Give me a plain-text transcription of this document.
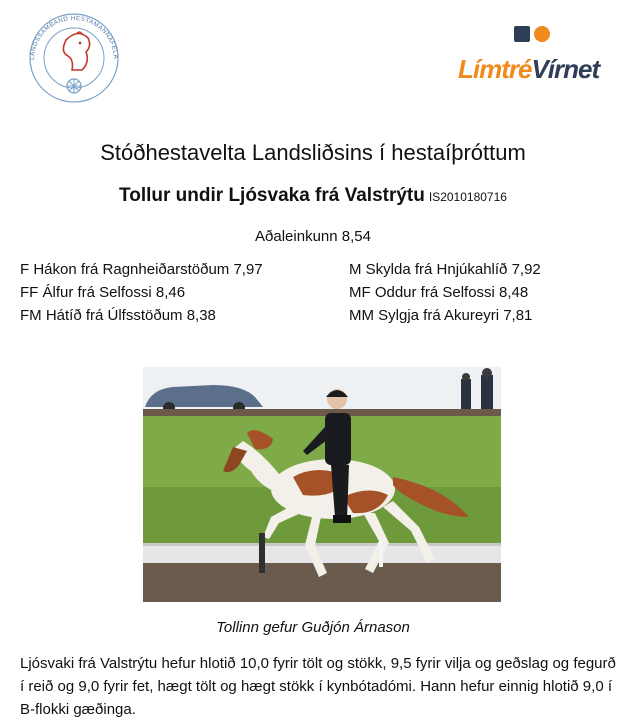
LANDSSAMBAND HESTAMANNAFÉLA	LímtréVírnet
Stóðhestavelta Landsliðsins í hestaíþróttum
Tollur undir Ljósvaka frá Valstrýtu IS2010180716
Aðaleinkunn 8,54
F Hákon frá Ragnheiðarstöðum 7,97
FF Álfur frá Selfossi 8,46
FM Hátíð frá Úlfsstöðum 8,38
M Skylda frá Hnjúkahlíð 7,92
MF Oddur frá Selfossi 8,48
MM Sylgja frá Akureyri 7,81
Tollinn gefur Guðjón Árnason
Ljósvaki frá Valstrýtu hefur hlotið 10,0 fyrir tölt og stökk, 9,5 fyrir vilja og geðslag og fegurð í reið og 9,0 fyrir fet, hægt tölt og hægt stökk í kynbótadómi. Hann hefur einnig hlotið 9,0 í B-flokki gæðinga.
